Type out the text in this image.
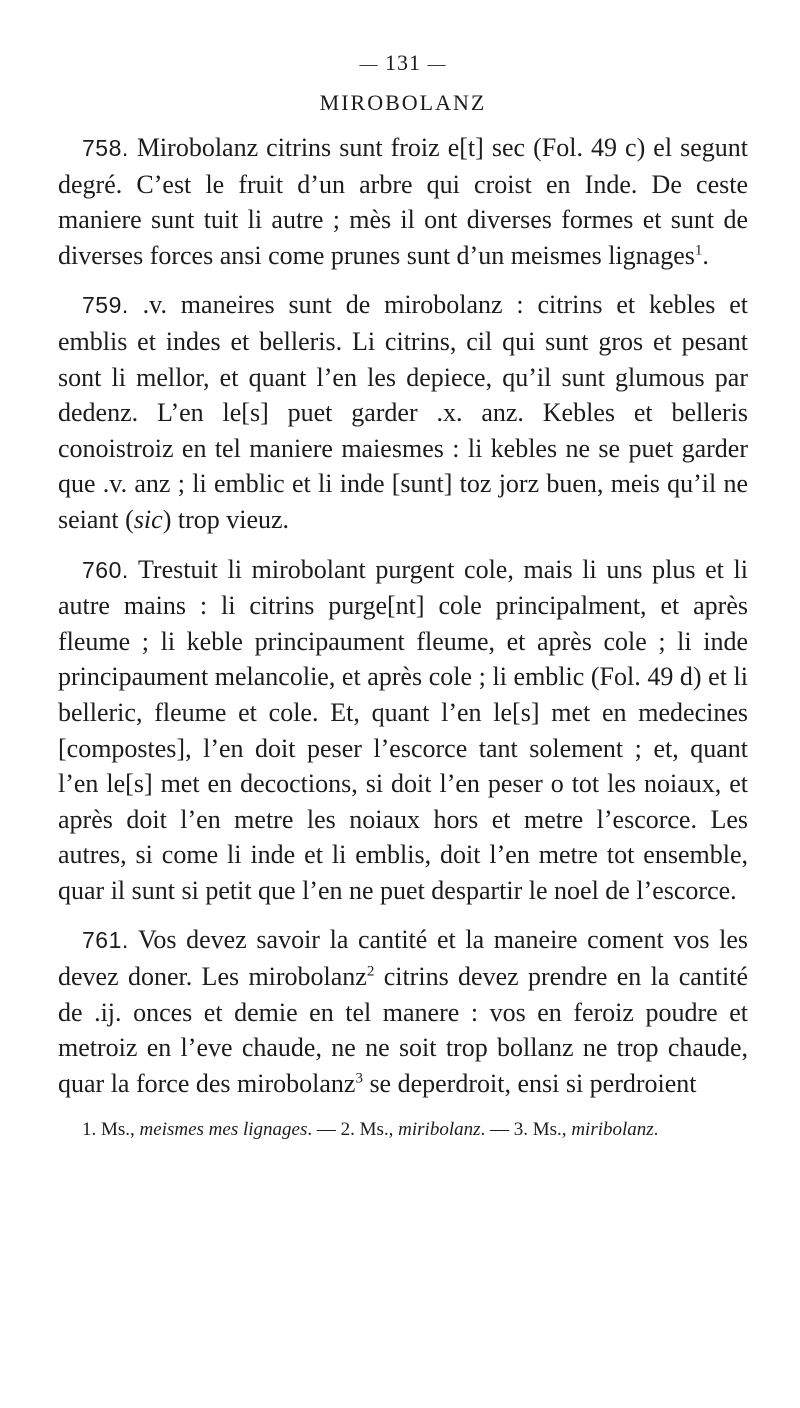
— 131 —
MIROBOLANZ

758. Mirobolanz citrins sunt froiz e[t] sec (Fol. 49 c) el segunt degré. C’est le fruit d’un arbre qui croist en Inde. De ceste maniere sunt tuit li autre ; mès il ont diverses formes et sunt de diverses forces ansi come prunes sunt d’un meismes lignages$^1$.

759. .v. maneires sunt de mirobolanz : citrins et kebles et emblis et indes et belleris. Li citrins, cil qui sunt gros et pesant sont li mellor, et quant l’en les depiece, qu’il sunt glumous par dedenz. L’en le[s] puet garder .x. anz. Kebles et belleris conoistroiz en tel maniere maiesmes : li kebles ne se puet garder que .v. anz ; li emblic et li inde [sunt] toz jorz buen, meis qu’il ne seiant (sic) trop vieuz.

760. Trestuit li mirobolant purgent cole, mais li uns plus et li autre mains : li citrins purge[nt] cole principalment, et après fleume ; li keble principaument fleume, et après cole ; li inde principaument melancolie, et après cole ; li emblic (Fol. 49 d) et li belleric, fleume et cole. Et, quant l’en le[s] met en medecines [compostes], l’en doit peser l’escorce tant solement ; et, quant l’en le[s] met en decoctions, si doit l’en peser o tot les noiaux, et après doit l’en metre les noiaux hors et metre l’escorce. Les autres, si come li inde et li emblis, doit l’en metre tot ensemble, quar il sunt si petit que l’en ne puet despartir le noel de l’escorce.

761. Vos devez savoir la cantité et la maneire coment vos les devez doner. Les mirobolanz$^2$ citrins devez prendre en la cantité de .ij. onces et demie en tel manere : vos en feroiz poudre et metroiz en l’eve chaude, ne ne soit trop bollanz ne trop chaude, quar la force des mirobolanz$^3$ se deperdroit, ensi si perdroient

1. Ms., meismes mes lignages. — 2. Ms., miribolanz. — 3. Ms., miribolanz.
